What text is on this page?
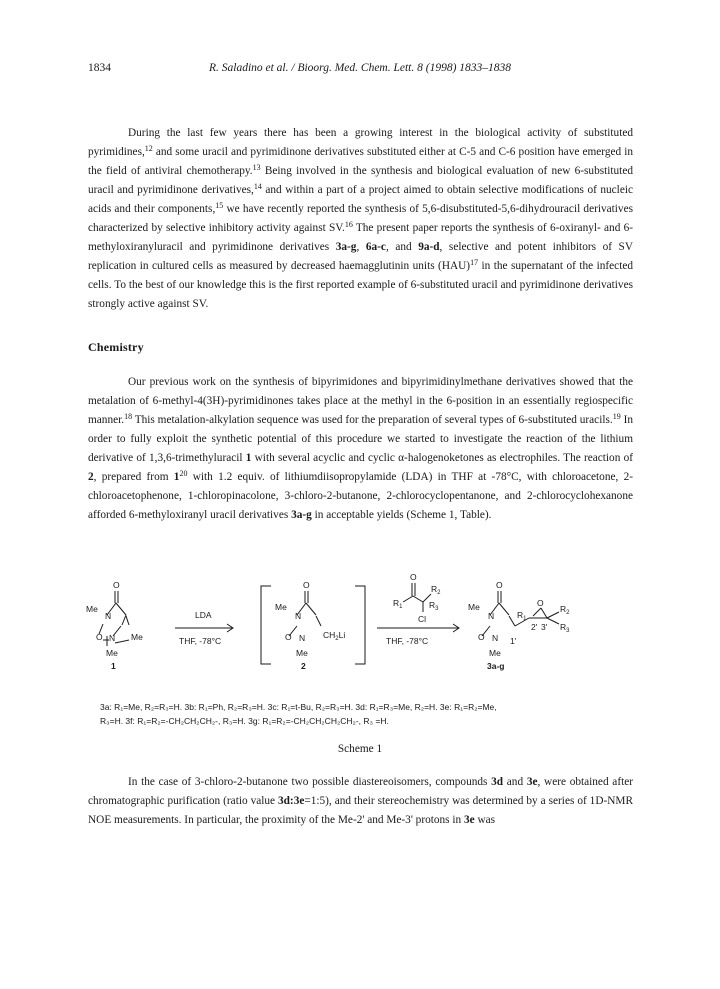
1834	R. Saladino et al. / Bioorg. Med. Chem. Lett. 8 (1998) 1833–1838
During the last few years there has been a growing interest in the biological activity of substituted pyrimidines,$^{12}$ and some uracil and pyrimidinone derivatives substituted either at C-5 and C-6 position have emerged in the field of antiviral chemotherapy.$^{13}$ Being involved in the synthesis and biological evaluation of new 6-substituted uracil and pyrimidinone derivatives,$^{14}$ and within a part of a project aimed to obtain selective modifications of nucleic acids and their components,$^{15}$ we have recently reported the synthesis of 5,6-disubstituted-5,6-dihydrouracil derivatives characterized by selective inhibitory activity against SV.$^{16}$ The present paper reports the synthesis of 6-oxiranyl- and 6-methyloxiranyluracil and pyrimidinone derivatives 3a-g, 6a-c, and 9a-d, selective and potent inhibitors of SV replication in cultured cells as measured by decreased haemagglutinin units (HAU)$^{17}$ in the supernatant of the infected cells. To the best of our knowledge this is the first reported example of 6-substituted uracil and pyrimidinone derivatives strongly active against SV.
Chemistry
Our previous work on the synthesis of bipyrimidones and bipyrimidinylmethane derivatives showed that the metalation of 6-methyl-4(3H)-pyrimidinones takes place at the methyl in the 6-position in an essentially regiospecific manner.$^{18}$ This metalation-alkylation sequence was used for the preparation of several types of 6-substituted uracils.$^{19}$ In order to fully exploit the synthetic potential of this procedure we started to investigate the reaction of the lithium derivative of 1,3,6-trimethyluracil 1 with several acyclic and cyclic α-halogenoketones as electrophiles. The reaction of 2, prepared from $1^{20}$ with 1.2 equiv. of lithiumdiisopropylamide (LDA) in THF at -78°C, with chloroacetone, 2-chloroacetophenone, 1-chloropinacolone, 3-chloro-2-butanone, 2-chlorocyclopentanone, and 2-chlorocyclohexanone afforded 6-methyloxiranyl uracil derivatives 3a-g in acceptable yields (Scheme 1, Table).
O
Me
N
O N Me
Me
1
LDA
THF, -78°C
O
Me
N
O N $CH_2Li$
Me
2
O
$R_1$
$R_2$
$R_3$
Cl
THF, -78°C
O
Me
N
O N
Me
1'
$R_1$
O
2' 3'
$R_2$
$R_3$
3a-g
3a: R₁=Me, R₂=R₃=H. 3b: R₁=Ph, R₂=R₃=H. 3c: R₁=t-Bu, R₂=R₃=H. 3d: R₁=R₃=Me, R₂=H. 3e: R₁=R₂=Me,
R₃=H. 3f: R₁=R₂=-CH₂CH₂CH₂-, R₃=H. 3g: R₁=R₂=-CH₂CH₂CH₂CH₂-, R₃ =H.
Scheme 1
In the case of 3-chloro-2-butanone two possible diastereoisomers, compounds 3d and 3e, were obtained after chromatographic purification (ratio value 3d:3e=1:5), and their stereochemistry was determined by a series of 1D-NMR NOE measurements. In particular, the proximity of the Me-2' and Me-3' protons in 3e was
